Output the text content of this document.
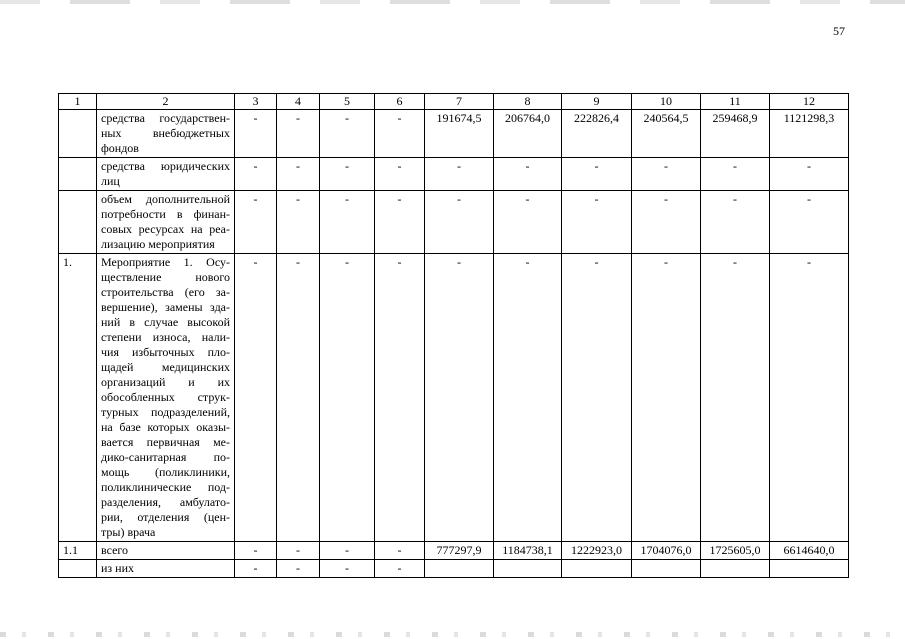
57
1	2	3	4	5	6	7	8	9	10	11	12
	средства государствен-ных внебюджетных фондов	-	-	-	-	191674,5	206764,0	222826,4	240564,5	259468,9	1121298,3
	средства юридических лиц	-	-	-	-	-	-	-	-	-	-
	объем дополнительной потребности в финан-совых ресурсах на реа-лизацию мероприятия	-	-	-	-	-	-	-	-	-	-
1.	Мероприятие 1. Осу-ществление нового строительства (его за-вершение), замены зда-ний в случае высокой степени износа, нали-чия избыточных пло-щадей медицинских организаций и их обособленных струк-турных подразделений, на базе которых оказы-вается первичная ме-дико-санитарная по-мощь (поликлиники, поликлинические под-разделения, амбулато-рии, отделения (цен-тры) врача	-	-	-	-	-	-	-	-	-	-
1.1	всего	-	-	-	-	777297,9	1184738,1	1222923,0	1704076,0	1725605,0	6614640,0
	из них	-	-	-	-						
